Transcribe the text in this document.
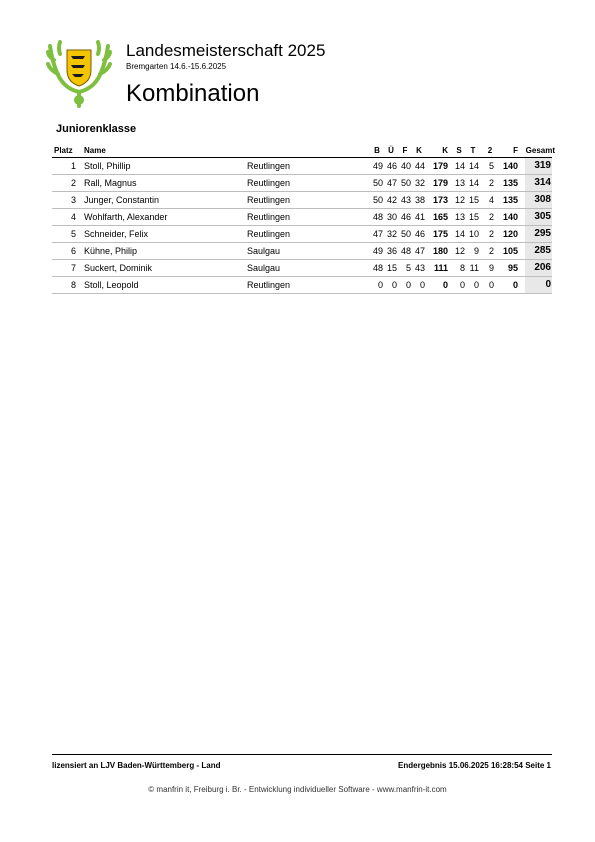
Landesmeisterschaft 2025
Bremgarten 14.6.-15.6.2025
Kombination
Juniorenklasse
Platz Name	B	Ü	F	K	K	S	T	2	F Gesamt
1 Stoll, Phillip	Reutlingen	49 46 40 44 179 14 14	5 140	319
2 Rall, Magnus	Reutlingen	50 47 50 32 179 13 14	2 135	314
3 Junger, Constantin	Reutlingen	50 42 43 38 173 12 15	4 135	308
4 Wohlfarth, Alexander	Reutlingen	48 30 46 41 165 13 15	2 140	305
5 Schneider, Felix	Reutlingen	47 32 50 46 175 14 10	2 120	295
6 Kühne, Philip	Saulgau	49 36 48 47 180 12 9	2 105	285
7 Suckert, Dominik	Saulgau	48 15 5 43 111	8 11	9	95	206
8 Stoll, Leopold	Reutlingen	0 0 0 0	0	0 0	0	0	0
lizensiert an LJV Baden-Württemberg - Land	Endergebnis 15.06.2025 16:28:54 Seite 1
© manfrin it, Freiburg i. Br. - Entwicklung individueller Software - www.manfrin-it.com
